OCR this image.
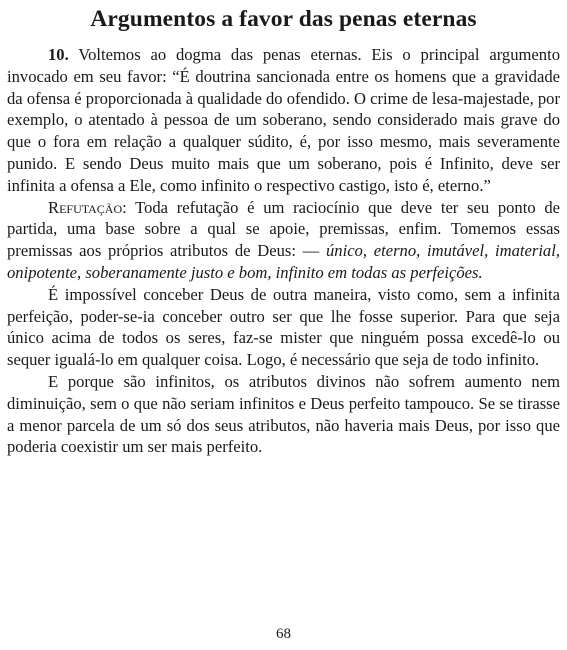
Argumentos a favor das penas eternas

10. Voltemos ao dogma das penas eternas. Eis o principal argumento invocado em seu favor: “É doutrina sancionada entre os homens que a gravidade da ofensa é proporcionada à qualidade do ofendido. O crime de lesa-majestade, por exemplo, o atentado à pessoa de um soberano, sendo considerado mais grave do que o fora em relação a qualquer súdito, é, por isso mesmo, mais severamente punido. E sendo Deus muito mais que um soberano, pois é Infinito, deve ser infinita a ofensa a Ele, como infinito o respectivo castigo, isto é, eterno.”

Refutação: Toda refutação é um raciocínio que deve ter seu ponto de partida, uma base sobre a qual se apoie, premissas, enfim. Tomemos essas premissas aos próprios atributos de Deus: — único, eterno, imutável, imaterial, onipotente, soberanamente justo e bom, infinito em todas as perfeições.

É impossível conceber Deus de outra maneira, visto como, sem a infinita perfeição, poder-se-ia conceber outro ser que lhe fosse superior. Para que seja único acima de todos os seres, faz-se mister que ninguém possa excedê-lo ou sequer igualá-lo em qualquer coisa. Logo, é necessário que seja de todo infinito.

E porque são infinitos, os atributos divinos não sofrem aumento nem diminuição, sem o que não seriam infinitos e Deus perfeito tampouco. Se se tirasse a menor parcela de um só dos seus atributos, não haveria mais Deus, por isso que poderia coexistir um ser mais perfeito.

68
